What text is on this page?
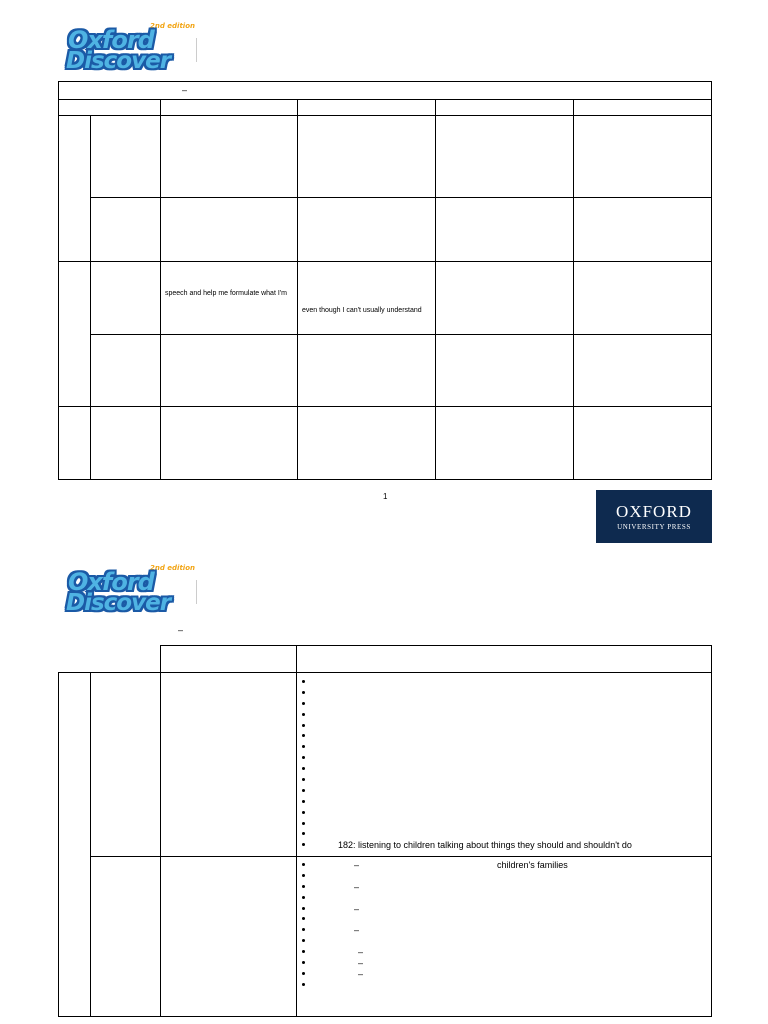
2nd edition
Oxford
Discover
–
speech and help me formulate what I'm
even though I can't usually understand
1
OXFORD
UNIVERSITY PRESS
2nd edition
Oxford
Discover
–
182: listening to children talking about things they should and shouldn't do
–	children's families
–
–
–
–
–
–
